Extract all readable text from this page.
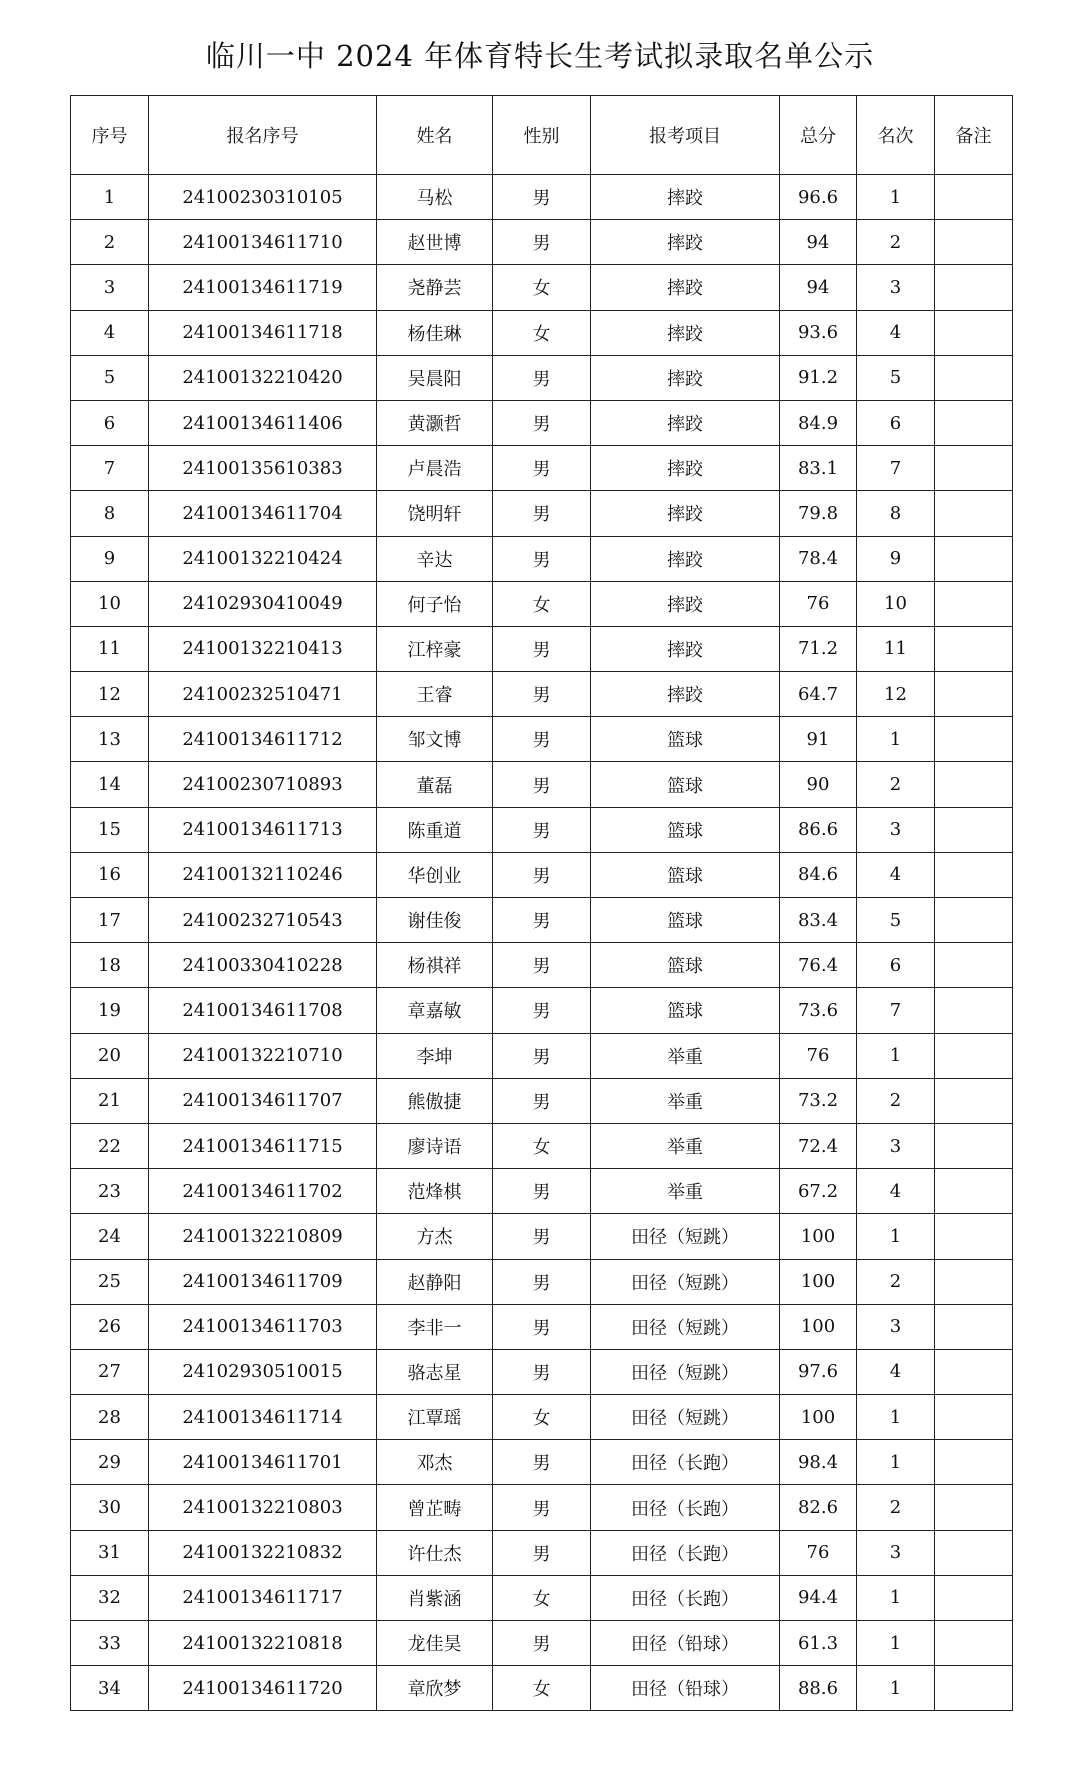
临川一中 2024 年体育特长生考试拟录取名单公示
序号	报名序号	姓名	性别	报考项目	总分	名次	备注
1	24100230310105	马松	男	摔跤	96.6	1	
2	24100134611710	赵世博	男	摔跤	94	2	
3	24100134611719	尧静芸	女	摔跤	94	3	
4	24100134611718	杨佳琳	女	摔跤	93.6	4	
5	24100132210420	吴晨阳	男	摔跤	91.2	5	
6	24100134611406	黄灏哲	男	摔跤	84.9	6	
7	24100135610383	卢晨浩	男	摔跤	83.1	7	
8	24100134611704	饶明轩	男	摔跤	79.8	8	
9	24100132210424	辛达	男	摔跤	78.4	9	
10	24102930410049	何子怡	女	摔跤	76	10	
11	24100132210413	江梓豪	男	摔跤	71.2	11	
12	24100232510471	王睿	男	摔跤	64.7	12	
13	24100134611712	邹文博	男	篮球	91	1	
14	24100230710893	董磊	男	篮球	90	2	
15	24100134611713	陈重道	男	篮球	86.6	3	
16	24100132110246	华创业	男	篮球	84.6	4	
17	24100232710543	谢佳俊	男	篮球	83.4	5	
18	24100330410228	杨祺祥	男	篮球	76.4	6	
19	24100134611708	章嘉敏	男	篮球	73.6	7	
20	24100132210710	李坤	男	举重	76	1	
21	24100134611707	熊傲捷	男	举重	73.2	2	
22	24100134611715	廖诗语	女	举重	72.4	3	
23	24100134611702	范烽棋	男	举重	67.2	4	
24	24100132210809	方杰	男	田径（短跳）	100	1	
25	24100134611709	赵静阳	男	田径（短跳）	100	2	
26	24100134611703	李非一	男	田径（短跳）	100	3	
27	24102930510015	骆志星	男	田径（短跳）	97.6	4	
28	24100134611714	江覃瑶	女	田径（短跳）	100	1	
29	24100134611701	邓杰	男	田径（长跑）	98.4	1	
30	24100132210803	曾芷畴	男	田径（长跑）	82.6	2	
31	24100132210832	许仕杰	男	田径（长跑）	76	3	
32	24100134611717	肖紫涵	女	田径（长跑）	94.4	1	
33	24100132210818	龙佳昊	男	田径（铅球）	61.3	1	
34	24100134611720	章欣梦	女	田径（铅球）	88.6	1	
